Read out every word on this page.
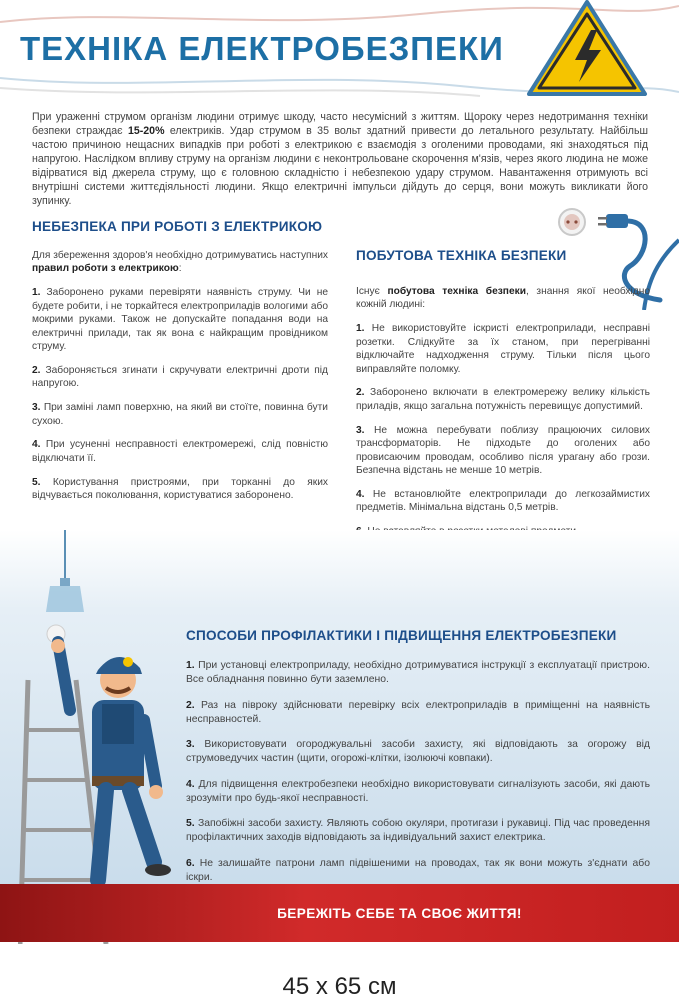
ТЕХНІКА ЕЛЕКТРОБЕЗПЕКИ
При ураженні струмом організм людини отримує шкоду, часто несумісний з життям. Щороку через недотримання техніки безпеки страждає 15-20% електриків. Удар струмом в 35 вольт здатний привести до летального результату. Найбільш частою причиною нещасних випадків при роботі з електрикою є взаємодія з оголеними проводами, які знаходяться під напругою. Наслідком впливу струму на організм людини є неконтрольоване скорочення м'язів, через якого людина не може відірватися від джерела струму, що є головною складністю і небезпекою удару струмом. Навантаження отримують всі внутрішні системи життєдіяльності людини. Якщо електричні імпульси дійдуть до серця, вони можуть викликати його зупинку.
НЕБЕЗПЕКА ПРИ РОБОТІ З ЕЛЕКТРИКОЮ

Для збереження здоров'я необхідно дотримуватись наступних правил роботи з електрикою:

1. Заборонено руками перевіряти наявність струму. Чи не будете робити, і не торкайтеся електроприладів вологими або мокрими руками. Також не допускайте попадання води на електричні прилади, так як вона є найкращим провідником струму.

2. Забороняється згинати і скручувати електричні дроти під напругою.

3. При заміні ламп поверхню, на який ви стоїте, повинна бути сухою.

4. При усуненні несправності електромережі, слід повністю відключати її.

5. Користування пристроями, при торканні до яких відчувається поколювання, користуватися заборонено.

ПОБУТОВА ТЕХНІКА БЕЗПЕКИ

Існує побутова техніка безпеки, знання якої необхідно кожній людині:

1. Не використовуйте іскристі електроприлади, несправні розетки. Слідкуйте за їх станом, при перегріванні відключайте надходження струму. Тільки після цього виправляйте поломку.

2. Заборонено включати в електромережу велику кількість приладів, якщо загальна потужність перевищує допустимий.

3. Не можна перебувати поблизу працюючих силових трансформаторів. Не підходьте до оголених або провисаючим проводам, особливо після урагану або грози. Безпечна відстань не менше 10 метрів.

4. Не встановлюйте електроприлади до легкозаймистих предметів. Мінімальна відстань 0,5 метрів.

СПОСОБИ ПРОФІЛАКТИКИ І ПІДВИЩЕННЯ ЕЛЕКТРОБЕЗПЕКИ

1. При установці електроприладу, необхідно дотримуватися інструкції з експлуатації пристрою. Все обладнання повинно бути заземлено.

2. Раз на півроку здійснювати перевірку всіх електроприладів в приміщенні на наявність несправностей.

3. Використовувати огороджувальні засоби захисту, які відповідають за огорожу від струмоведучих частин (щити, огорожі-клітки, ізолюючі ковпаки).

4. Для підвищення електробезпеки необхідно використовувати сигналізують засоби, які дають зрозуміти про будь-якої несправності.

5. Запобіжні засоби захисту. Являють собою окуляри, протигази і рукавиці. Під час проведення профілактичних заходів відповідають за індивідуальний захист електрика.

6. Не залишайте патрони ламп підвішеними на проводах, так як вони можуть з'єднати або іскри.

БЕРЕЖІТЬ СЕБЕ ТА СВОЄ ЖИТТЯ!
45 x 65 см
